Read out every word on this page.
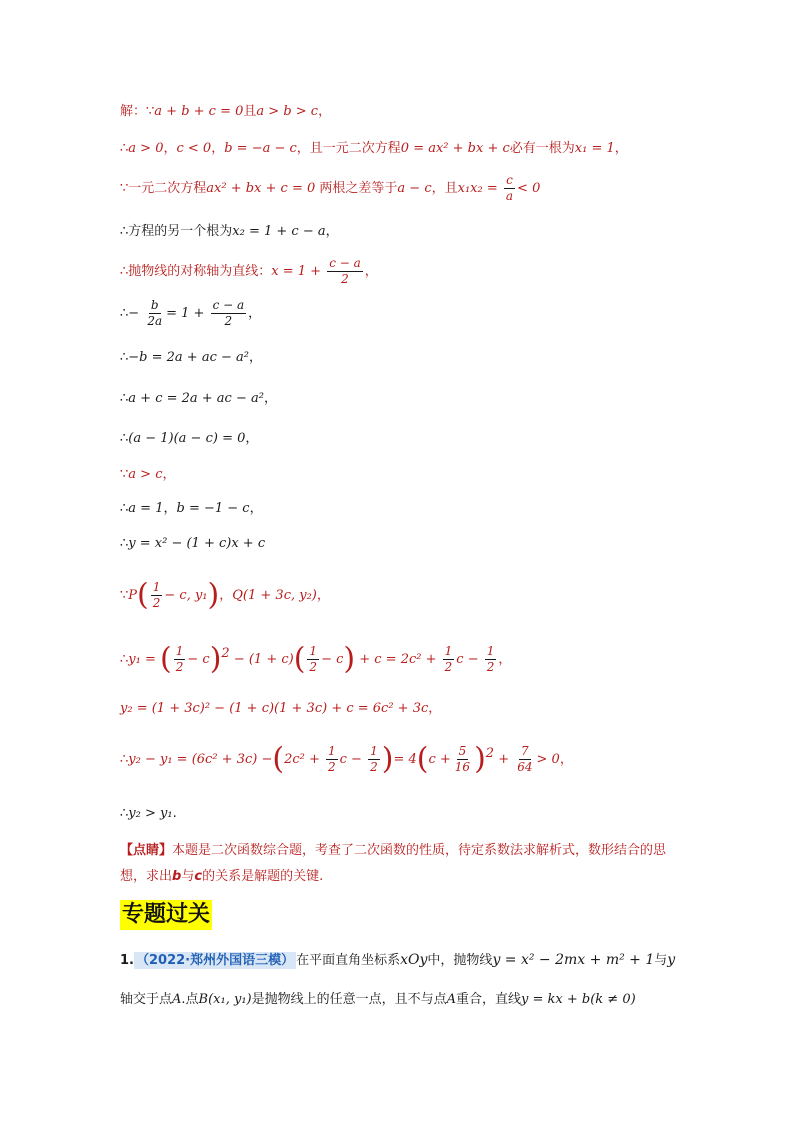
解：∵a + b + c = 0且a > b > c，
∴a > 0，c < 0，b = −a − c，且一元二次方程0 = ax² + bx + c必有一根为x₁ = 1，
∵一元二次方程ax² + bx + c = 0 两根之差等于a − c，且$x_1x_2 = \frac{c}{a} < 0$
∴方程的另一个根为x₂ = 1 + c − a，
∴抛物线的对称轴为直线：$x = 1 + \frac{c - a}{2}$ ，
∴− $\frac{b}{2a} = 1 + \frac{c - a}{2}$ ，
∴−b = 2a + ac − a²，
∴a + c = 2a + ac − a²，
∴(a − 1)(a − c) = 0，
∵a > c，
∴a = 1，b = −1 − c，
∴y = x² − (1 + c)x + c
∵P( $\frac{1}{2} - c$, y₁)，Q(1 + 3c, y₂)，
∴y₁ = ( $\frac{1}{2} - c)^2 - (1 + c)( \frac{1}{2} - c) + c = 2c^2 + \frac{1}{2}$ $c - \frac{1}{2}$ ，
y₂ = (1 + 3c)² − (1 + c)(1 + 3c) + c = 6c² + 3c，
∴y₂ − $y_1 = (6c^2 + 3c) -(2c^2 + \frac{1}{2}$ $c - \frac{1}{2}$ )= $4(c + \frac{5}{16} )^2 + \frac{7}{64} > 0$，
∴y₂ > y₁.
【点睛】本题是二次函数综合题，考查了二次函数的性质，待定系数法求解析式，数形结合的思想，求出b与c的关系是解题的关键.
专题过关
1. （2022·郑州外国语三模） 在平面直角坐标系xOy中，抛物线y = x² − 2mx + m² + 1与y
轴交于点A.点B(x₁, y₁)是抛物线上的任意一点，且不与点A重合，直线y = kx + b(k ≠ 0)
